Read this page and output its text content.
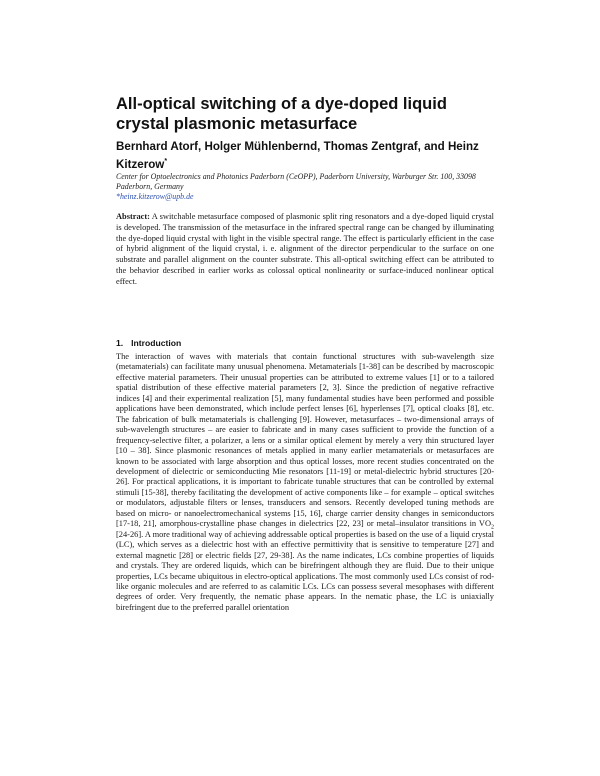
All-optical switching of a dye-doped liquid crystal plasmonic metasurface

Bernhard Atorf, Holger Mühlenbernd, Thomas Zentgraf, and Heinz Kitzerow*

Center for Optoelectronics and Photonics Paderborn (CeOPP), Paderborn University, Warburger Str. 100, 33098 Paderborn, Germany
*heinz.kitzerow@upb.de

Abstract: A switchable metasurface composed of plasmonic split ring resonators and a dye-doped liquid crystal is developed. The transmission of the metasurface in the infrared spectral range can be changed by illuminating the dye-doped liquid crystal with light in the visible spectral range. The effect is particularly efficient in the case of hybrid alignment of the liquid crystal, i. e. alignment of the director perpendicular to the surface on one substrate and parallel alignment on the counter substrate. This all-optical switching effect can be attributed to the behavior described in earlier works as colossal optical nonlinearity or surface-induced nonlinear optical effect.

1. Introduction

The interaction of waves with materials that contain functional structures with sub-wavelength size (metamaterials) can facilitate many unusual phenomena. Metamaterials [1-38] can be described by macroscopic effective material parameters. Their unusual properties can be attributed to extreme values [1] or to a tailored spatial distribution of these effective material parameters [2, 3]. Since the prediction of negative refractive indices [4] and their experimental realization [5], many fundamental studies have been performed and possible applications have been demonstrated, which include perfect lenses [6], hyperlenses [7], optical cloaks [8], etc. The fabrication of bulk metamaterials is challenging [9]. However, metasurfaces – two-dimensional arrays of sub-wavelength structures – are easier to fabricate and in many cases sufficient to provide the function of a frequency-selective filter, a polarizer, a lens or a similar optical element by merely a very thin structured layer [10 – 38]. Since plasmonic resonances of metals applied in many earlier metamaterials or metasurfaces are known to be associated with large absorption and thus optical losses, more recent studies concentrated on the development of dielectric or semiconducting Mie resonators [11-19] or metal-dielectric hybrid structures [20-26]. For practical applications, it is important to fabricate tunable structures that can be controlled by external stimuli [15-38], thereby facilitating the development of active components like – for example – optical switches or modulators, adjustable filters or lenses, transducers and sensors. Recently developed tuning methods are based on micro- or nanoelectromechanical systems [15, 16], charge carrier density changes in semiconductors [17-18, 21], amorphous-crystalline phase changes in dielectrics [22, 23] or metal–insulator transitions in $VO_2$ [24-26]. A more traditional way of achieving addressable optical properties is based on the use of a liquid crystal (LC), which serves as a dielectric host with an effective permittivity that is sensitive to temperature [27] and external magnetic [28] or electric fields [27, 29-38]. As the name indicates, LCs combine properties of liquids and crystals. They are ordered liquids, which can be birefringent although they are fluid. Due to their unique properties, LCs became ubiquitous in electro-optical applications. The most commonly used LCs consist of rod-like organic molecules and are referred to as calamitic LCs. LCs can possess several mesophases with different degrees of order. Very frequently, the nematic phase appears. In the nematic phase, the LC is uniaxially birefringent due to the preferred parallel orientation
